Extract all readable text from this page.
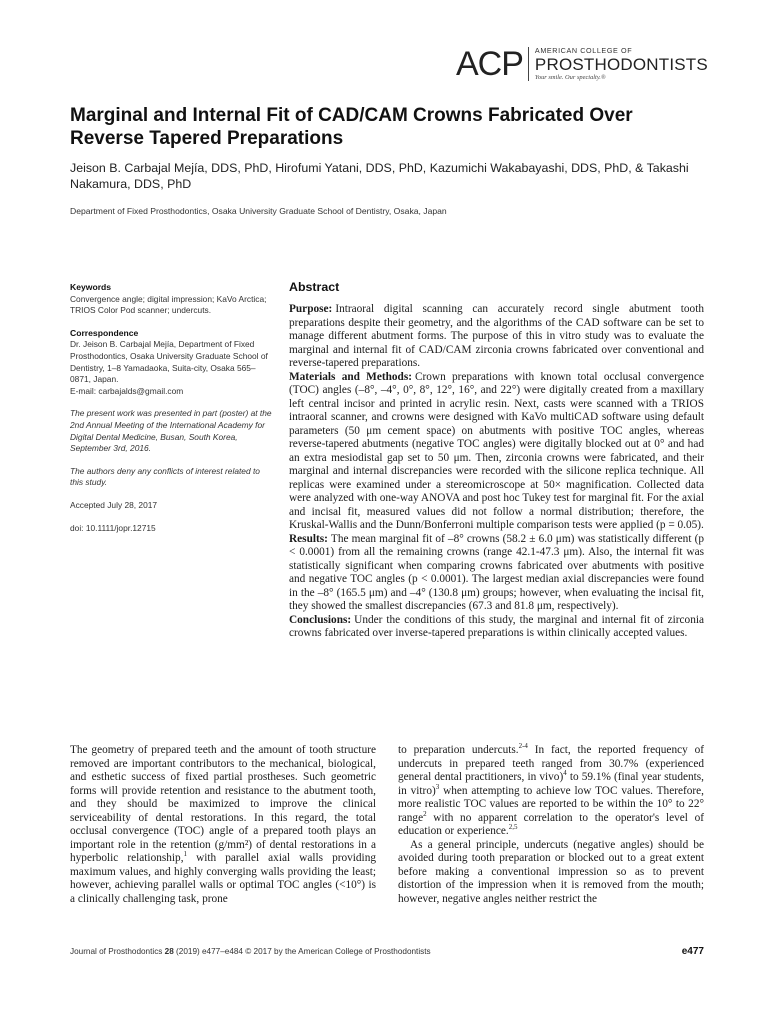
ACP AMERICAN COLLEGE OF
PROSTHODONTISTS
Your smile. Our specialty.®
Marginal and Internal Fit of CAD/CAM Crowns Fabricated Over Reverse Tapered Preparations
Jeison B. Carbajal Mejía, DDS, PhD, Hirofumi Yatani, DDS, PhD, Kazumichi Wakabayashi, DDS, PhD, & Takashi Nakamura, DDS, PhD
Department of Fixed Prosthodontics, Osaka University Graduate School of Dentistry, Osaka, Japan
Keywords
Convergence angle; digital impression; KaVo Arctica; TRIOS Color Pod scanner; undercuts.
Correspondence
Dr. Jeison B. Carbajal Mejía, Department of Fixed Prosthodontics, Osaka University Graduate School of Dentistry, 1–8 Yamadaoka, Suita-city, Osaka 565–0871, Japan.
E-mail: carbajalds@gmail.com
The present work was presented in part (poster) at the 2nd Annual Meeting of the International Academy for Digital Dental Medicine, Busan, South Korea, September 3rd, 2016.
The authors deny any conflicts of interest related to this study.
Accepted July 28, 2017
doi: 10.1111/jopr.12715
Abstract

Purpose: Intraoral digital scanning can accurately record single abutment tooth preparations despite their geometry, and the algorithms of the CAD software can be set to manage different abutment forms. The purpose of this in vitro study was to evaluate the marginal and internal fit of CAD/CAM zirconia crowns fabricated over conventional and reverse-tapered preparations.

Materials and Methods: Crown preparations with known total occlusal convergence (TOC) angles (–8°, –4°, 0°, 8°, 12°, 16°, and 22°) were digitally created from a maxillary left central incisor and printed in acrylic resin. Next, casts were scanned with a TRIOS intraoral scanner, and crowns were designed with KaVo multiCAD software using default parameters (50 μm cement space) on abutments with positive TOC angles, whereas reverse-tapered abutments (negative TOC angles) were digitally blocked out at 0° and had an extra mesiodistal gap set to 50 μm. Then, zirconia crowns were fabricated, and their marginal and internal discrepancies were recorded with the silicone replica technique. All replicas were examined under a stereomicroscope at 50× magnification. Collected data were analyzed with one-way ANOVA and post hoc Tukey test for marginal fit. For the axial and incisal fit, measured values did not follow a normal distribution; therefore, the Kruskal-Wallis and the Dunn/Bonferroni multiple comparison tests were applied (p = 0.05).

Results: The mean marginal fit of –8° crowns (58.2 ± 6.0 μm) was statistically different (p < 0.0001) from all the remaining crowns (range 42.1-47.3 μm). Also, the internal fit was statistically significant when comparing crowns fabricated over abutments with positive and negative TOC angles (p < 0.0001). The largest median axial discrepancies were found in the –8° (165.5 μm) and –4° (130.8 μm) groups; however, when evaluating the incisal fit, they showed the smallest discrepancies (67.3 and 81.8 μm, respectively).

Conclusions: Under the conditions of this study, the marginal and internal fit of zirconia crowns fabricated over inverse-tapered preparations is within clinically accepted values.

The geometry of prepared teeth and the amount of tooth structure removed are important contributors to the mechanical, biological, and esthetic success of fixed partial prostheses. Such geometric forms will provide retention and resistance to the abutment tooth, and they should be maximized to improve the clinical serviceability of dental restorations. In this regard, the total occlusal convergence (TOC) angle of a prepared tooth plays an important role in the retention (g/mm²) of dental restorations in a hyperbolic relationship,$^1$ with parallel axial walls providing maximum values, and highly converging walls providing the least; however, achieving parallel walls or optimal TOC angles (<10°) is a clinically challenging task, prone

to preparation undercuts.$^{2-4}$ In fact, the reported frequency of undercuts in prepared teeth ranged from 30.7% (experienced general dental practitioners, in vivo)$^4$ to 59.1% (final year students, in vitro)$^3$ when attempting to achieve low TOC values. Therefore, more realistic TOC values are reported to be within the 10° to 22° range$^2$ with no apparent correlation to the operator's level of education or experience.$^{2,5}$

As a general principle, undercuts (negative angles) should be avoided during tooth preparation or blocked out to a great extent before making a conventional impression so as to prevent distortion of the impression when it is removed from the mouth; however, negative angles neither restrict the

Journal of Prosthodontics 28 (2019) e477–e484 © 2017 by the American College of Prosthodontists	e477
